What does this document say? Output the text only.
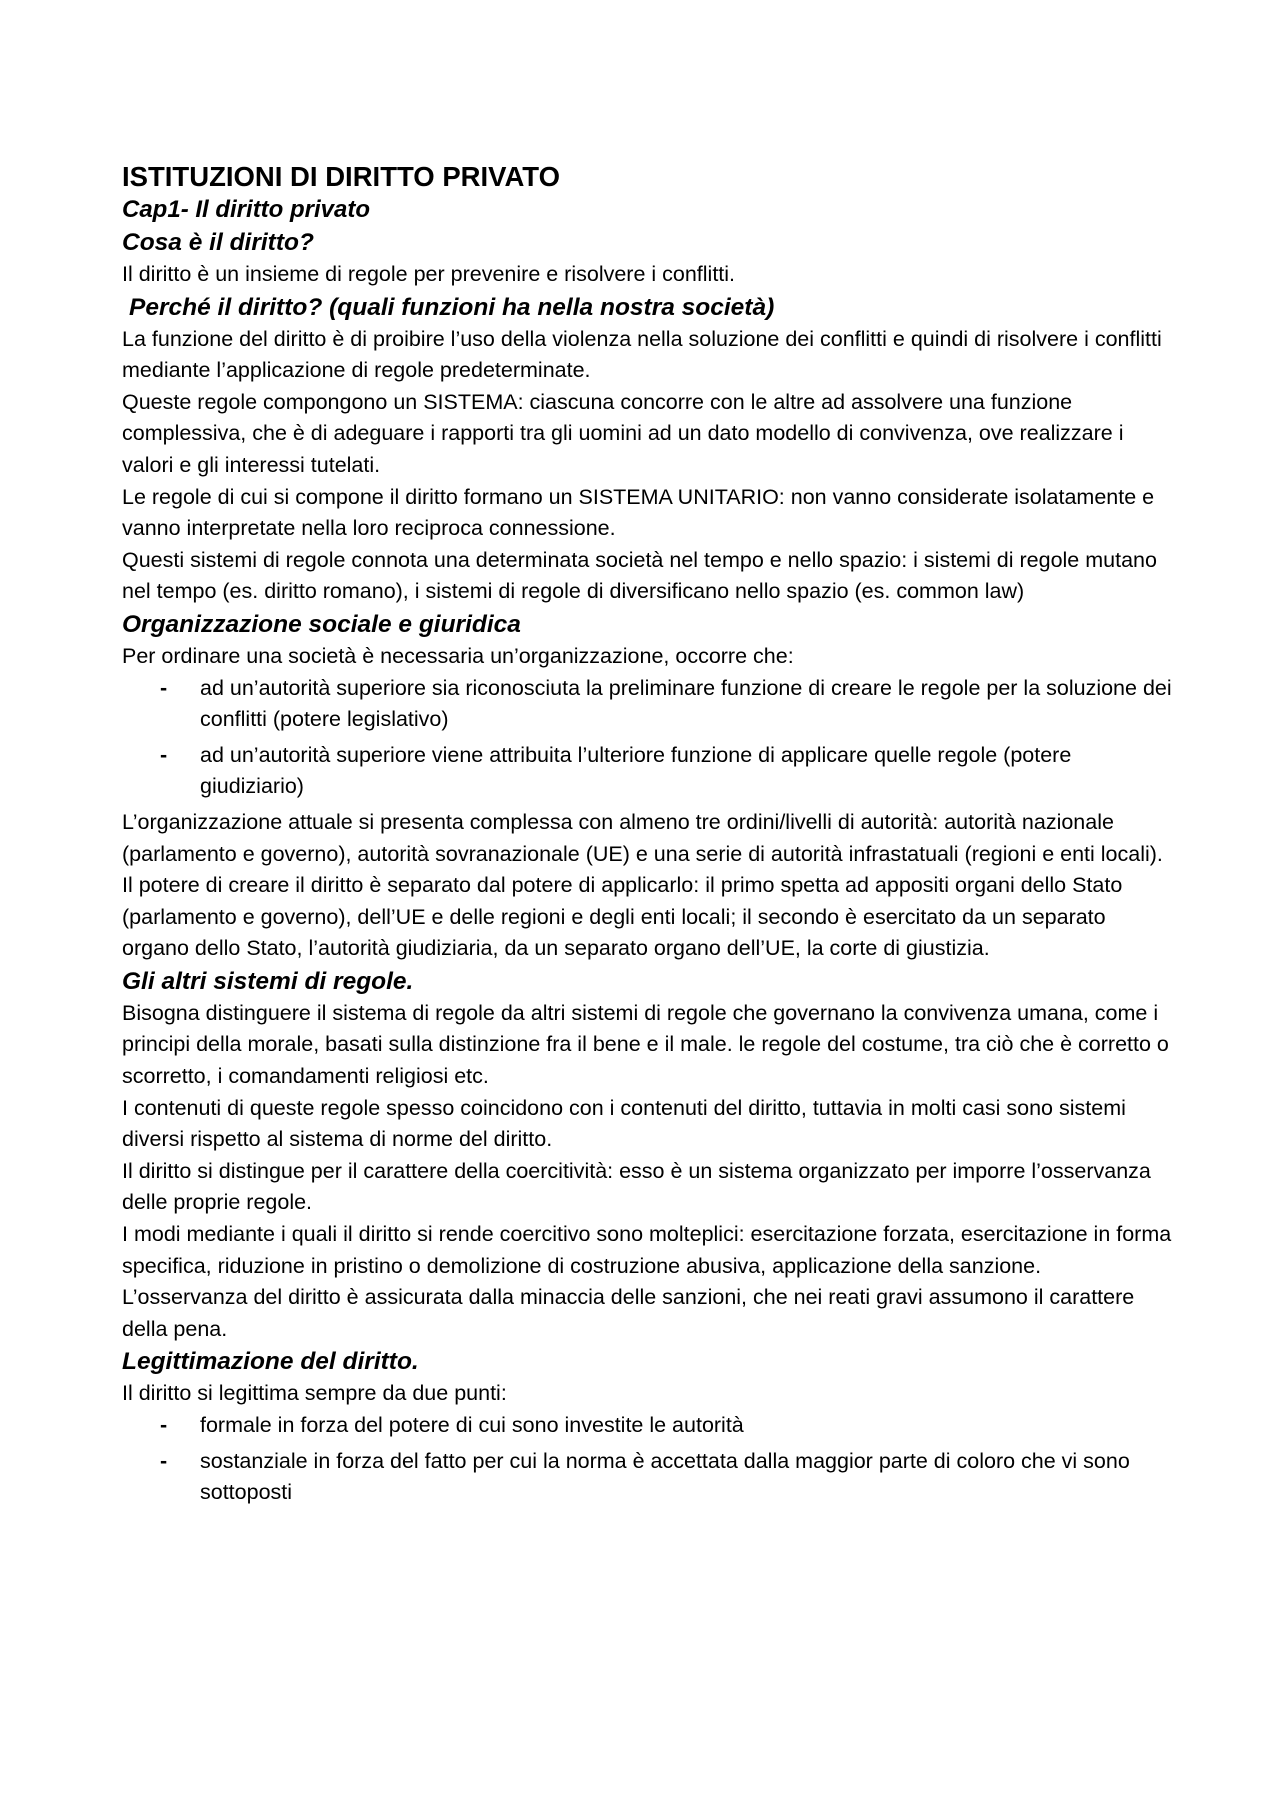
ISTITUZIONI DI DIRITTO PRIVATO
Cap1- Il diritto privato
Cosa è il diritto?

Il diritto è un insieme di regole per prevenire e risolvere i conflitti.

Perché il diritto? (quali funzioni ha nella nostra società)

La funzione del diritto è di proibire l’uso della violenza nella soluzione dei conflitti e quindi di risolvere i conflitti mediante l’applicazione di regole predeterminate.

Queste regole compongono un SISTEMA: ciascuna concorre con le altre ad assolvere una funzione complessiva, che è di adeguare i rapporti tra gli uomini ad un dato modello di convivenza, ove realizzare i valori e gli interessi tutelati.

Le regole di cui si compone il diritto formano un SISTEMA UNITARIO: non vanno considerate isolatamente e vanno interpretate nella loro reciproca connessione.

Questi sistemi di regole connota una determinata società nel tempo e nello spazio: i sistemi di regole mutano nel tempo (es. diritto romano), i sistemi di regole di diversificano nello spazio (es. common law)

Organizzazione sociale e giuridica

Per ordinare una società è necessaria un’organizzazione, occorre che:

- ad un’autorità superiore sia riconosciuta la preliminare funzione di creare le regole per la soluzione dei conflitti (potere legislativo)
- ad un’autorità superiore viene attribuita l’ulteriore funzione di applicare quelle regole (potere giudiziario)

L’organizzazione attuale si presenta complessa con almeno tre ordini/livelli di autorità: autorità nazionale (parlamento e governo), autorità sovranazionale (UE) e una serie di autorità infrastatuali (regioni e enti locali).

Il potere di creare il diritto è separato dal potere di applicarlo: il primo spetta ad appositi organi dello Stato (parlamento e governo), dell’UE e delle regioni e degli enti locali; il secondo è esercitato da un separato organo dello Stato, l’autorità giudiziaria, da un separato organo dell’UE, la corte di giustizia.

Gli altri sistemi di regole.

Bisogna distinguere il sistema di regole da altri sistemi di regole che governano la convivenza umana, come i principi della morale, basati sulla distinzione fra il bene e il male. le regole del costume, tra ciò che è corretto o scorretto, i comandamenti religiosi etc.

I contenuti di queste regole spesso coincidono con i contenuti del diritto, tuttavia in molti casi sono sistemi diversi rispetto al sistema di norme del diritto.

Il diritto si distingue per il carattere della coercitività: esso è un sistema organizzato per imporre l’osservanza delle proprie regole.

I modi mediante i quali il diritto si rende coercitivo sono molteplici: esercitazione forzata, esercitazione in forma specifica, riduzione in pristino o demolizione di costruzione abusiva, applicazione della sanzione.

L’osservanza del diritto è assicurata dalla minaccia delle sanzioni, che nei reati gravi assumono il carattere della pena.

Legittimazione del diritto.

Il diritto si legittima sempre da due punti:

- formale in forza del potere di cui sono investite le autorità
- sostanziale in forza del fatto per cui la norma è accettata dalla maggior parte di coloro che vi sono sottoposti
